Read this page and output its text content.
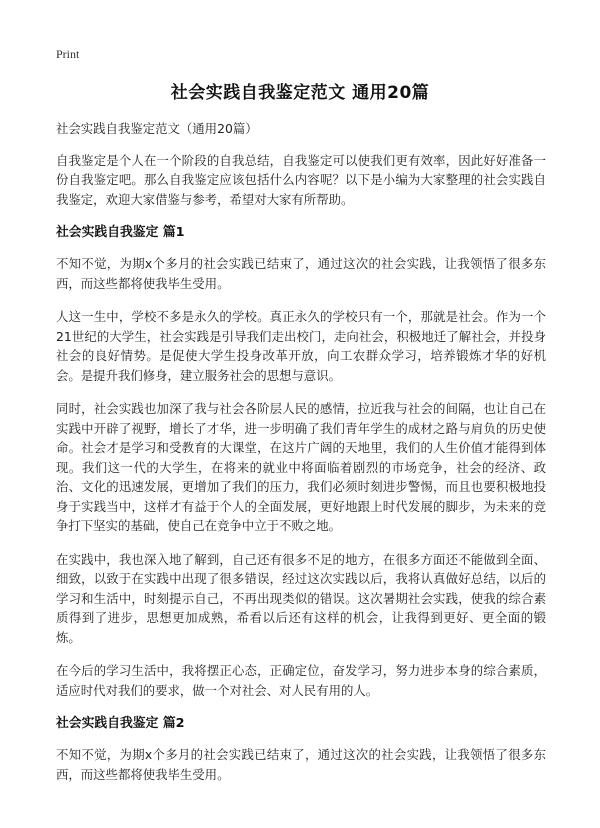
Print
社会实践自我鉴定范文 通用20篇

社会实践自我鉴定范文（通用20篇）

自我鉴定是个人在一个阶段的自我总结，自我鉴定可以使我们更有效率，因此好好准备一份自我鉴定吧。那么自我鉴定应该包括什么内容呢？以下是小编为大家整理的社会实践自我鉴定，欢迎大家借鉴与参考，希望对大家有所帮助。

社会实践自我鉴定 篇1

不知不觉，为期x个多月的社会实践已结束了，通过这次的社会实践，让我领悟了很多东西，而这些都将使我毕生受用。

人这一生中，学校不多是永久的学校。真正永久的学校只有一个，那就是社会。作为一个21世纪的大学生，社会实践是引导我们走出校门，走向社会，积极地迁了解社会，并投身社会的良好情势。是促使大学生投身改革开放，向工农群众学习，培养锻炼才华的好机会。是提升我们修身，建立服务社会的思想与意识。

同时，社会实践也加深了我与社会各阶层人民的感情，拉近我与社会的间隔，也让自己在实践中开辟了视野，增长了才华，进一步明确了我们青年学生的成材之路与肩负的历史使命。社会才是学习和受教育的大课堂，在这片广阔的天地里，我们的人生价值才能得到体现。我们这一代的大学生，在将来的就业中将面临着剧烈的市场竞争，社会的经济、政治、文化的迅速发展，更增加了我们的压力，我们必须时刻进步警惕，而且也要积极地投身于实践当中，这样才有益于个人的全面发展，更好地跟上时代发展的脚步，为未来的竞争打下坚实的基础，使自己在竞争中立于不败之地。

在实践中，我也深入地了解到，自己还有很多不足的地方，在很多方面还不能做到全面、细致，以致于在实践中出现了很多错误，经过这次实践以后，我将认真做好总结，以后的学习和生活中，时刻提示自己，不再出现类似的错误。这次暑期社会实践，使我的综合素质得到了进步，思想更加成熟，希看以后还有这样的机会，让我得到更好、更全面的锻炼。

在今后的学习生活中，我将摆正心态，正确定位，奋发学习，努力进步本身的综合素质，适应时代对我们的要求，做一个对社会、对人民有用的人。

社会实践自我鉴定 篇2

不知不觉，为期x个多月的社会实践已结束了，通过这次的社会实践，让我领悟了很多东西，而这些都将使我毕生受用。
